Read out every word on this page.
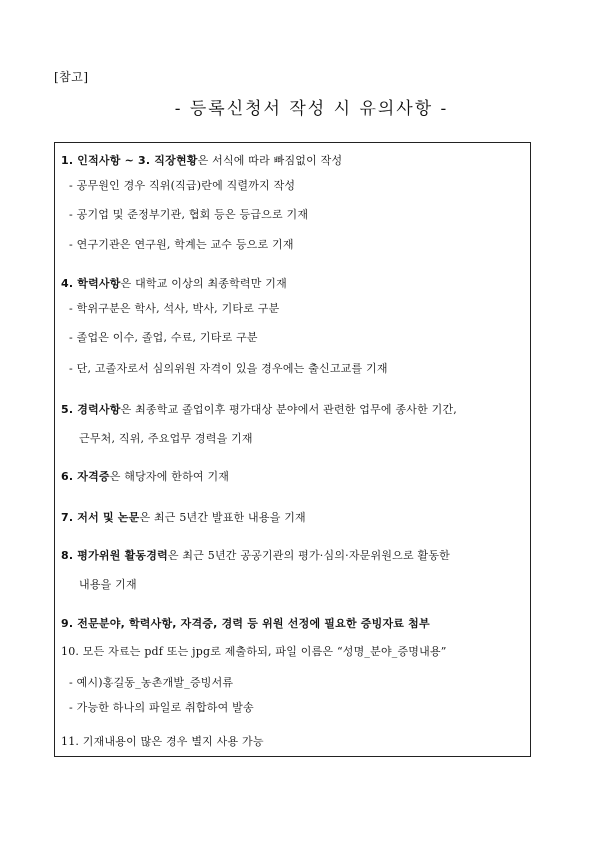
[참고]
- 등록신청서 작성 시 유의사항 -
1. 인적사항 ~ 3. 직장현황은 서식에 따라 빠짐없이 작성
- 공무원인 경우 직위(직급)란에 직렬까지 작성
- 공기업 및 준정부기관, 협회 등은 등급으로 기재
- 연구기관은 연구원, 학계는 교수 등으로 기재
4. 학력사항은 대학교 이상의 최종학력만 기재
- 학위구분은 학사, 석사, 박사, 기타로 구분
- 졸업은 이수, 졸업, 수료, 기타로 구분
- 단, 고졸자로서 심의위원 자격이 있을 경우에는 출신고교를 기재
5. 경력사항은 최종학교 졸업이후 평가대상 분야에서 관련한 업무에 종사한 기간,
근무처, 직위, 주요업무 경력을 기재
6. 자격증은 해당자에 한하여 기재
7. 저서 및 논문은 최근 5년간 발표한 내용을 기재
8. 평가위원 활동경력은 최근 5년간 공공기관의 평가·심의·자문위원으로 활동한
내용을 기재
9. 전문분야, 학력사항, 자격증, 경력 등 위원 선정에 필요한 증빙자료 첨부
10. 모든 자료는 pdf 또는 jpg로 제출하되, 파일 이름은 “성명_분야_증명내용”
- 예시)홍길동_농촌개발_증빙서류
- 가능한 하나의 파일로 취합하여 발송
11. 기재내용이 많은 경우 별지 사용 가능
